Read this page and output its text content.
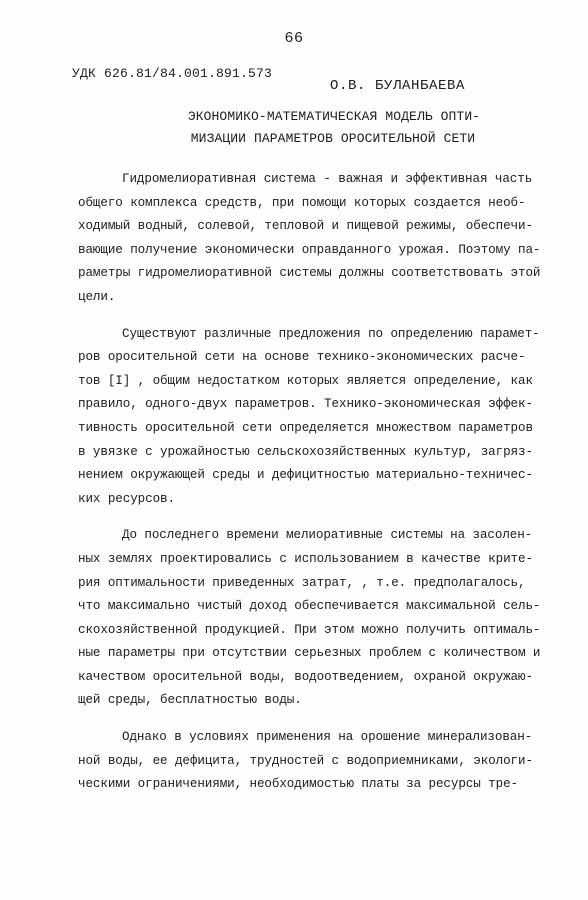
66
УДК 626.81/84.001.891.573
О.В. БУЛАНБАЕВА
ЭКОНОМИКО-МАТЕМАТИЧЕСКАЯ МОДЕЛЬ ОПТИ-
МИЗАЦИИ ПАРАМЕТРОВ ОРОСИТЕЛЬНОЙ СЕТИ

Гидромелиоративная система - важная и эффективная часть
общего комплекса средств, при помощи которых создается необ-
ходимый водный, солевой, тепловой и пищевой режимы, обеспечи-
вающие получение экономически оправданного урожая. Поэтому па-
раметры гидромелиоративной системы должны соответствовать этой
цели.

Существуют различные предложения по определению парамет-
ров оросительной сети на основе технико-экономических расче-
тов [I] , общим недостатком которых является определение, как
правило, одного-двух параметров. Технико-экономическая эффек-
тивность оросительной сети определяется множеством параметров
в увязке с урожайностью сельскохозяйственных культур, загряз-
нением окружающей среды и дефицитностью материально-техничес-
ких ресурсов.

До последнего времени мелиоративные системы на засолен-
ных землях проектировались с использованием в качестве крите-
рия оптимальности приведенных затрат, , т.е. предполагалось,
что максимально чистый доход обеспечивается максимальной сель-
скохозяйственной продукцией. При этом можно получить оптималь-
ные параметры при отсутствии серьезных проблем с количеством и
качеством оросительной воды, водоотведением, охраной окружаю-
щей среды, бесплатностью воды.

Однако в условиях применения на орошение минерализован-
ной воды, ее дефицита, трудностей с водоприемниками, экологи-
ческими ограничениями, необходимостью платы за ресурсы тре-
